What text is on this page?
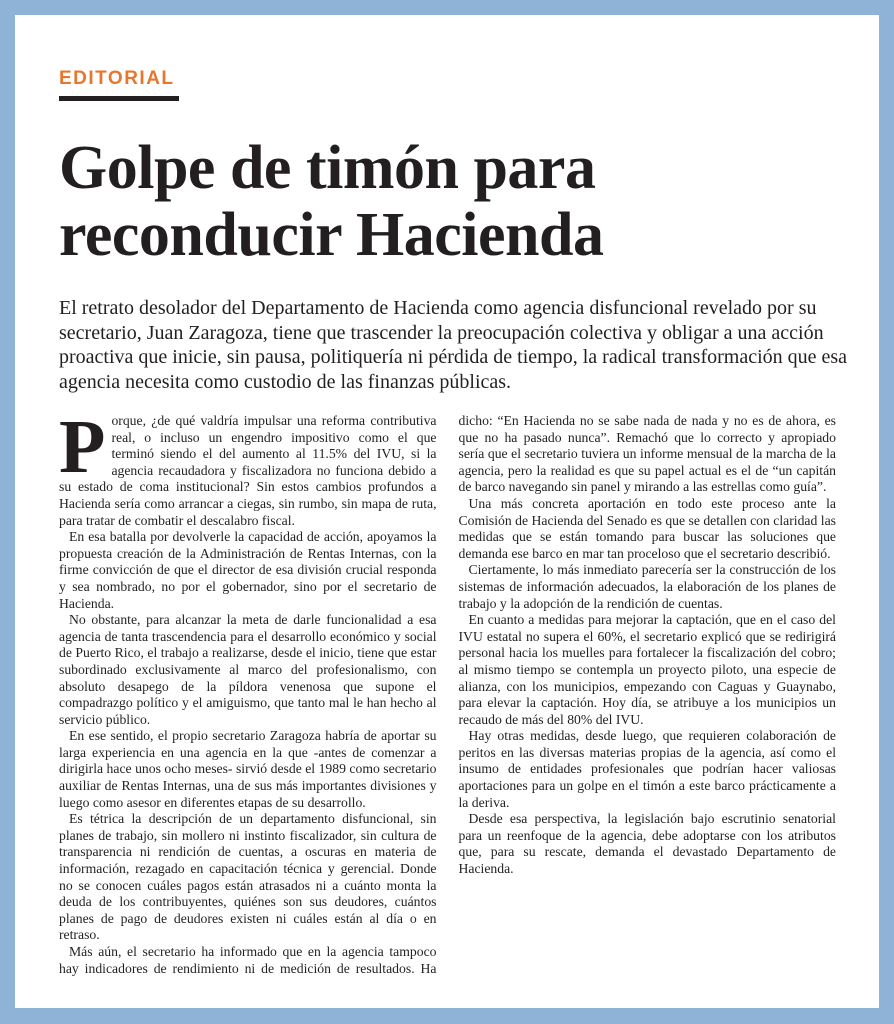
EDITORIAL
Golpe de timón para reconducir Hacienda

El retrato desolador del Departamento de Hacienda como agencia disfuncional revelado por su secretario, Juan Zaragoza, tiene que trascender la preocupación colectiva y obligar a una acción proactiva que inicie, sin pausa, politiquería ni pérdida de tiempo, la radical transformación que esa agencia necesita como custodio de las finanzas públicas.

Porque, ¿de qué valdría impulsar una reforma contributiva real, o incluso un engendro impositivo como el que terminó siendo el del aumento al 11.5% del IVU, si la agencia recaudadora y fiscalizadora no funciona debido a su estado de coma institucional? Sin estos cambios profundos a Hacienda sería como arrancar a ciegas, sin rumbo, sin mapa de ruta, para tratar de combatir el descalabro fiscal.

En esa batalla por devolverle la capacidad de acción, apoyamos la propuesta creación de la Administración de Rentas Internas, con la firme convicción de que el director de esa división crucial responda y sea nombrado, no por el gobernador, sino por el secretario de Hacienda.

No obstante, para alcanzar la meta de darle funcionalidad a esa agencia de tanta trascendencia para el desarrollo económico y social de Puerto Rico, el trabajo a realizarse, desde el inicio, tiene que estar subordinado exclusivamente al marco del profesionalismo, con absoluto desapego de la píldora venenosa que supone el compadrazgo político y el amiguismo, que tanto mal le han hecho al servicio público.

En ese sentido, el propio secretario Zaragoza habría de aportar su larga experiencia en una agencia en la que -antes de comenzar a dirigirla hace unos ocho meses- sirvió desde el 1989 como secretario auxiliar de Rentas Internas, una de sus más importantes divisiones y luego como asesor en diferentes etapas de su desarrollo.

Es tétrica la descripción de un departamento disfuncional, sin planes de trabajo, sin mollero ni instinto fiscalizador, sin cultura de transparencia ni rendición de cuentas, a oscuras en materia de información, rezagado en capacitación técnica y gerencial. Donde no se conocen cuáles pagos están atrasados ni a cuánto monta la deuda de los contribuyentes, quiénes son sus deudores, cuántos planes de pago de deudores existen ni cuáles están al día o en retraso.

Más aún, el secretario ha informado que en la agencia tampoco hay indicadores de rendimiento ni de medición de resultados. Ha dicho: “En Hacienda no se sabe nada de nada y no es de ahora, es que no ha pasado nunca”. Remachó que lo correcto y apropiado sería que el secretario tuviera un informe mensual de la marcha de la agencia, pero la realidad es que su papel actual es el de “un capitán de barco navegando sin panel y mirando a las estrellas como guía”.

Una más concreta aportación en todo este proceso ante la Comisión de Hacienda del Senado es que se detallen con claridad las medidas que se están tomando para buscar las soluciones que demanda ese barco en mar tan proceloso que el secretario describió.

Ciertamente, lo más inmediato parecería ser la construcción de los sistemas de información adecuados, la elaboración de los planes de trabajo y la adopción de la rendición de cuentas.

En cuanto a medidas para mejorar la captación, que en el caso del IVU estatal no supera el 60%, el secretario explicó que se redirigirá personal hacia los muelles para fortalecer la fiscalización del cobro; al mismo tiempo se contempla un proyecto piloto, una especie de alianza, con los municipios, empezando con Caguas y Guaynabo, para elevar la captación. Hoy día, se atribuye a los municipios un recaudo de más del 80% del IVU.

Hay otras medidas, desde luego, que requieren colaboración de peritos en las diversas materias propias de la agencia, así como el insumo de entidades profesionales que podrían hacer valiosas aportaciones para un golpe en el timón a este barco prácticamente a la deriva.

Desde esa perspectiva, la legislación bajo escrutinio senatorial para un reenfoque de la agencia, debe adoptarse con los atributos que, para su rescate, demanda el devastado Departamento de Hacienda.
